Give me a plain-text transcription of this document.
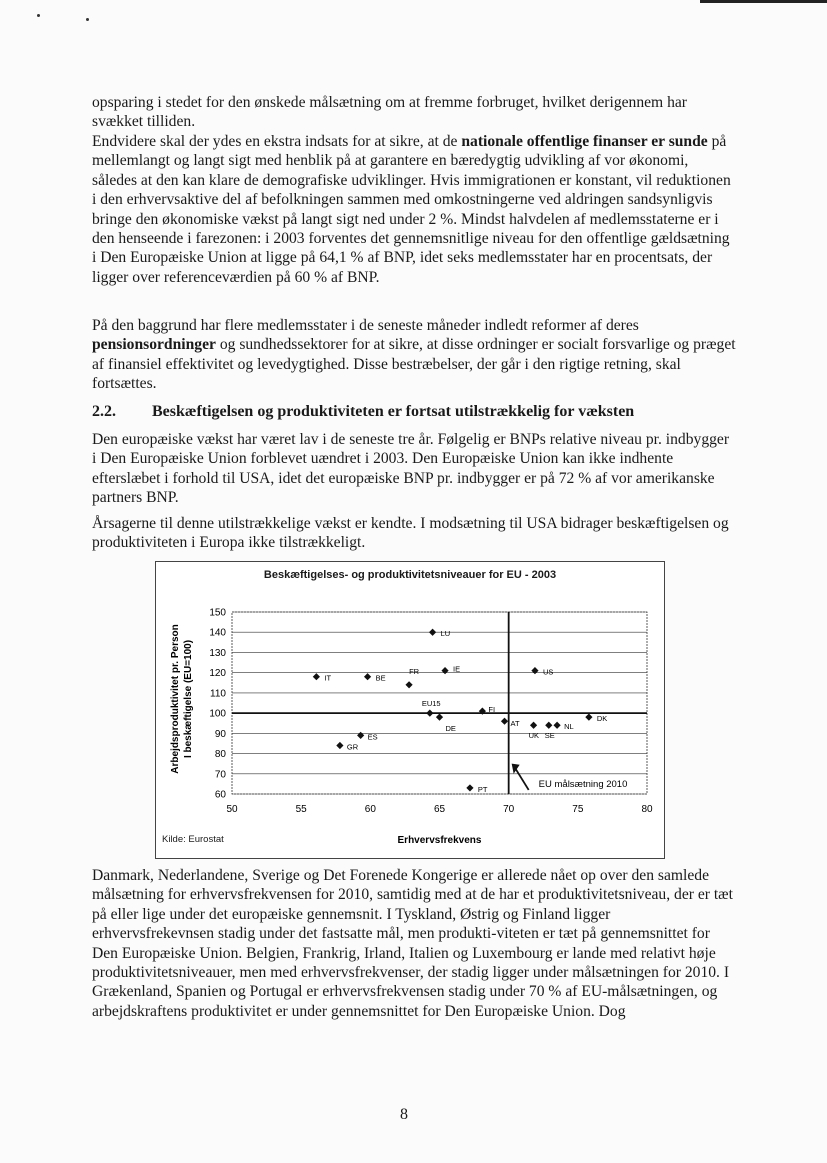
opsparing i stedet for den ønskede målsætning om at fremme forbruget, hvilket derigennem har svækket tilliden.

Endvidere skal der ydes en ekstra indsats for at sikre, at de nationale offentlige finanser er sunde på mellemlangt og langt sigt med henblik på at garantere en bæredygtig udvikling af vor økonomi, således at den kan klare de demografiske udviklinger. Hvis immigrationen er konstant, vil reduktionen i den erhvervsaktive del af befolkningen sammen med omkostningerne ved aldringen sandsynligvis bringe den økonomiske vækst på langt sigt ned under 2 %. Mindst halvdelen af medlemsstaterne er i den henseende i farezonen: i 2003 forventes det gennemsnitlige niveau for den offentlige gældsætning i Den Europæiske Union at ligge på 64,1 % af BNP, idet seks medlemsstater har en procentsats, der ligger over referenceværdien på 60 % af BNP.

På den baggrund har flere medlemsstater i de seneste måneder indledt reformer af deres pensionsordninger og sundhedssektorer for at sikre, at disse ordninger er socialt forsvarlige og præget af finansiel effektivitet og levedygtighed. Disse bestræbelser, der går i den rigtige retning, skal fortsættes.

2.2. Beskæftigelsen og produktiviteten er fortsat utilstrækkelig for væksten

Den europæiske vækst har været lav i de seneste tre år. Følgelig er BNPs relative niveau pr. indbygger i Den Europæiske Union forblevet uændret i 2003. Den Europæiske Union kan ikke indhente efterslæbet i forhold til USA, idet det europæiske BNP pr. indbygger er på 72 % af vor amerikanske partners BNP.

Årsagerne til denne utilstrækkelige vækst er kendte. I modsætning til USA bidrager beskæftigelsen og produktiviteten i Europa ikke tilstrækkeligt.

Beskæftigelses- og produktivitetsniveauer for EU - 2003
60
70
80
90
100
110
120
130
140
150
50	55	60	65	70	75	80
LU
IT	BE
FR	IE
EU15
DE
FI
AT
ES
GR
PT
US
UK SE
NL
DK
EU målsætning 2010
Erhvervsfrekvens
Arbejdsproduktivitet pr. Person I beskæftigelse (EU=100)
Kilde: Eurostat

Danmark, Nederlandene, Sverige og Det Forenede Kongerige er allerede nået op over den samlede målsætning for erhvervsfrekvensen for 2010, samtidig med at de har et produktivitetsniveau, der er tæt på eller lige under det europæiske gennemsnit. I Tyskland, Østrig og Finland ligger erhvervsfrekevnsen stadig under det fastsatte mål, men produkti-viteten er tæt på gennemsnittet for Den Europæiske Union. Belgien, Frankrig, Irland, Italien og Luxembourg er lande med relativt høje produktivitetsniveauer, men med erhvervsfrekvenser, der stadig ligger under målsætningen for 2010. I Grækenland, Spanien og Portugal er erhvervsfrekvensen stadig under 70 % af EU-målsætningen, og arbejdskraftens produktivitet er under gennemsnittet for Den Europæiske Union. Dog

8
